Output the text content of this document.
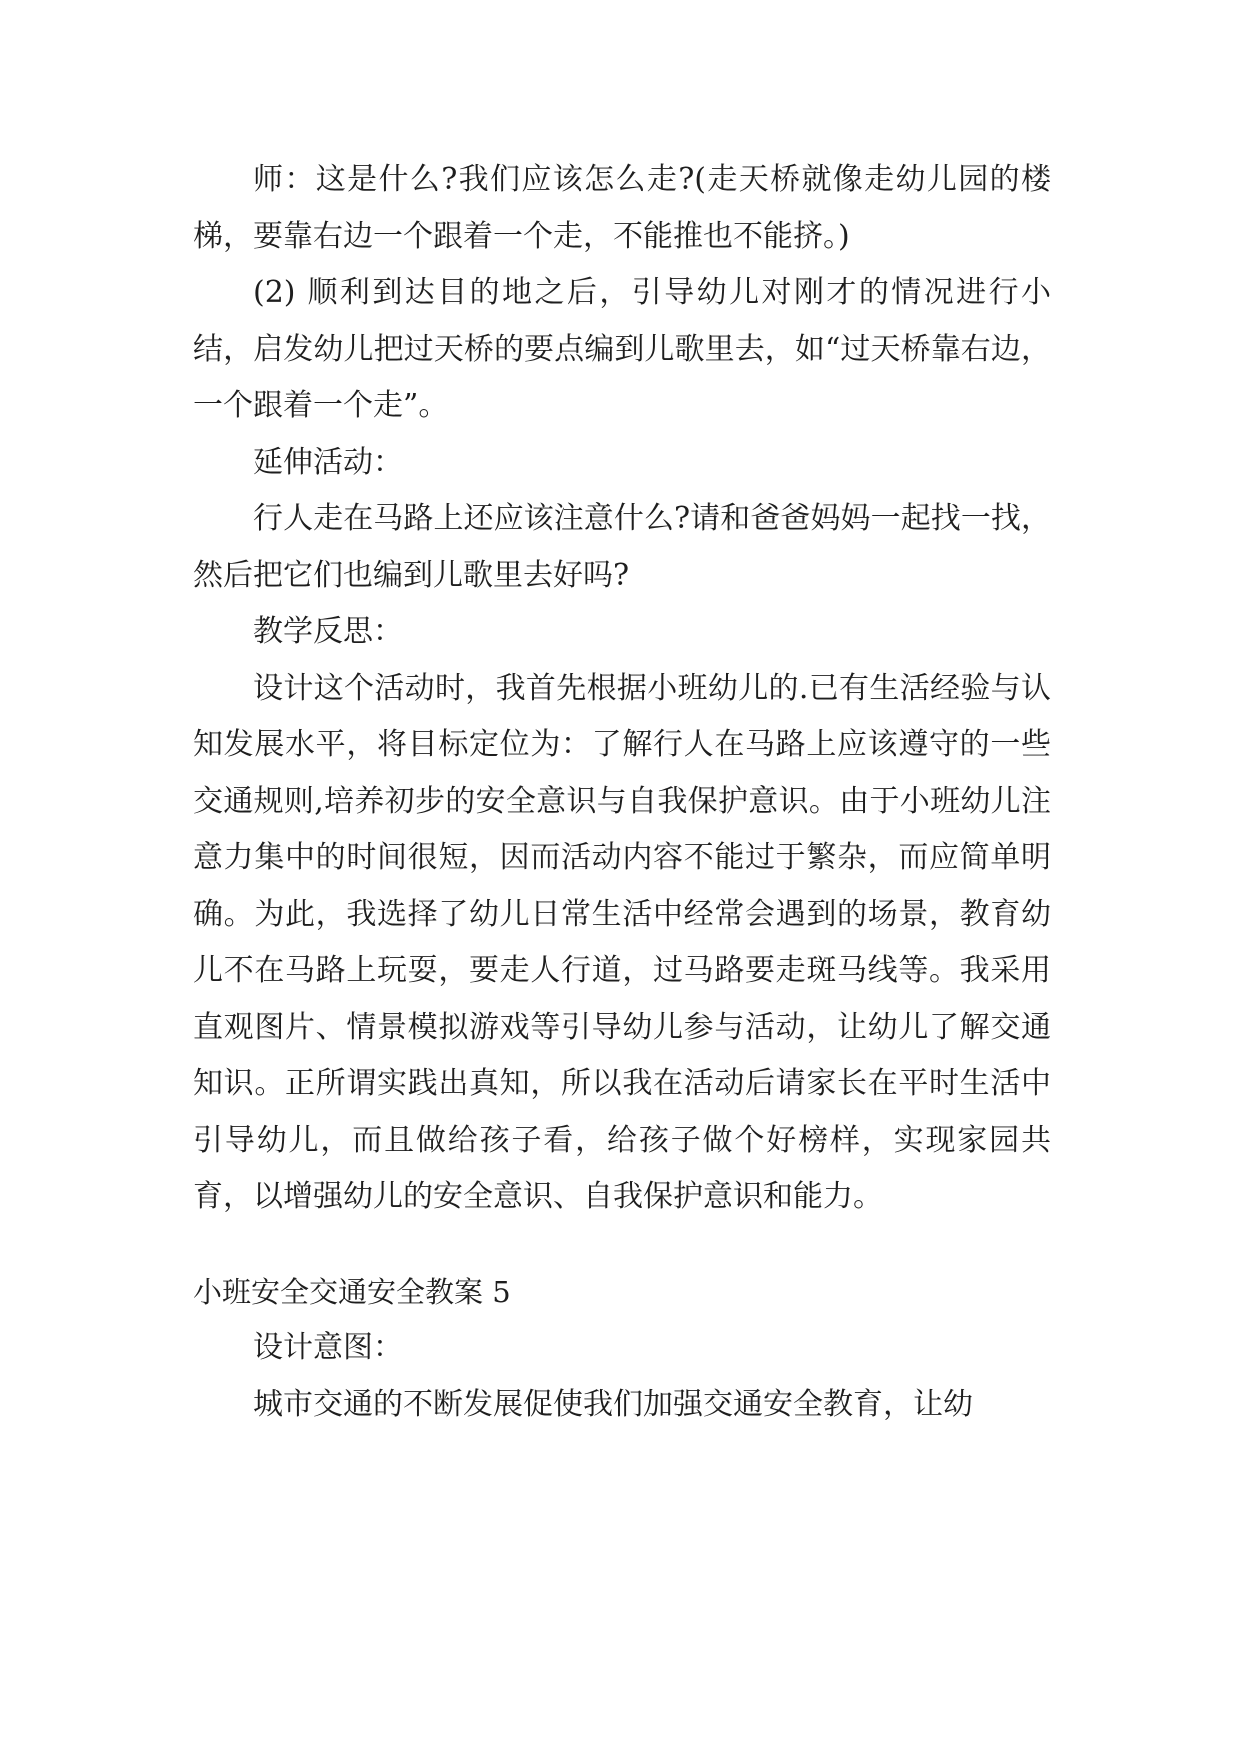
师：这是什么?我们应该怎么走?(走天桥就像走幼儿园的楼梯，要靠右边一个跟着一个走，不能推也不能挤。)

(2) 顺利到达目的地之后，引导幼儿对刚才的情况进行小结，启发幼儿把过天桥的要点编到儿歌里去，如“过天桥靠右边，一个跟着一个走”。

延伸活动：

行人走在马路上还应该注意什么?请和爸爸妈妈一起找一找，然后把它们也编到儿歌里去好吗?

教学反思：

设计这个活动时，我首先根据小班幼儿的.已有生活经验与认知发展水平，将目标定位为：了解行人在马路上应该遵守的一些交通规则,培养初步的安全意识与自我保护意识。由于小班幼儿注意力集中的时间很短，因而活动内容不能过于繁杂，而应简单明确。为此，我选择了幼儿日常生活中经常会遇到的场景，教育幼儿不在马路上玩耍，要走人行道，过马路要走斑马线等。我采用直观图片、情景模拟游戏等引导幼儿参与活动，让幼儿了解交通知识。正所谓实践出真知，所以我在活动后请家长在平时生活中引导幼儿，而且做给孩子看，给孩子做个好榜样，实现家园共育，以增强幼儿的安全意识、自我保护意识和能力。

小班安全交通安全教案 5

设计意图：

城市交通的不断发展促使我们加强交通安全教育，让幼
